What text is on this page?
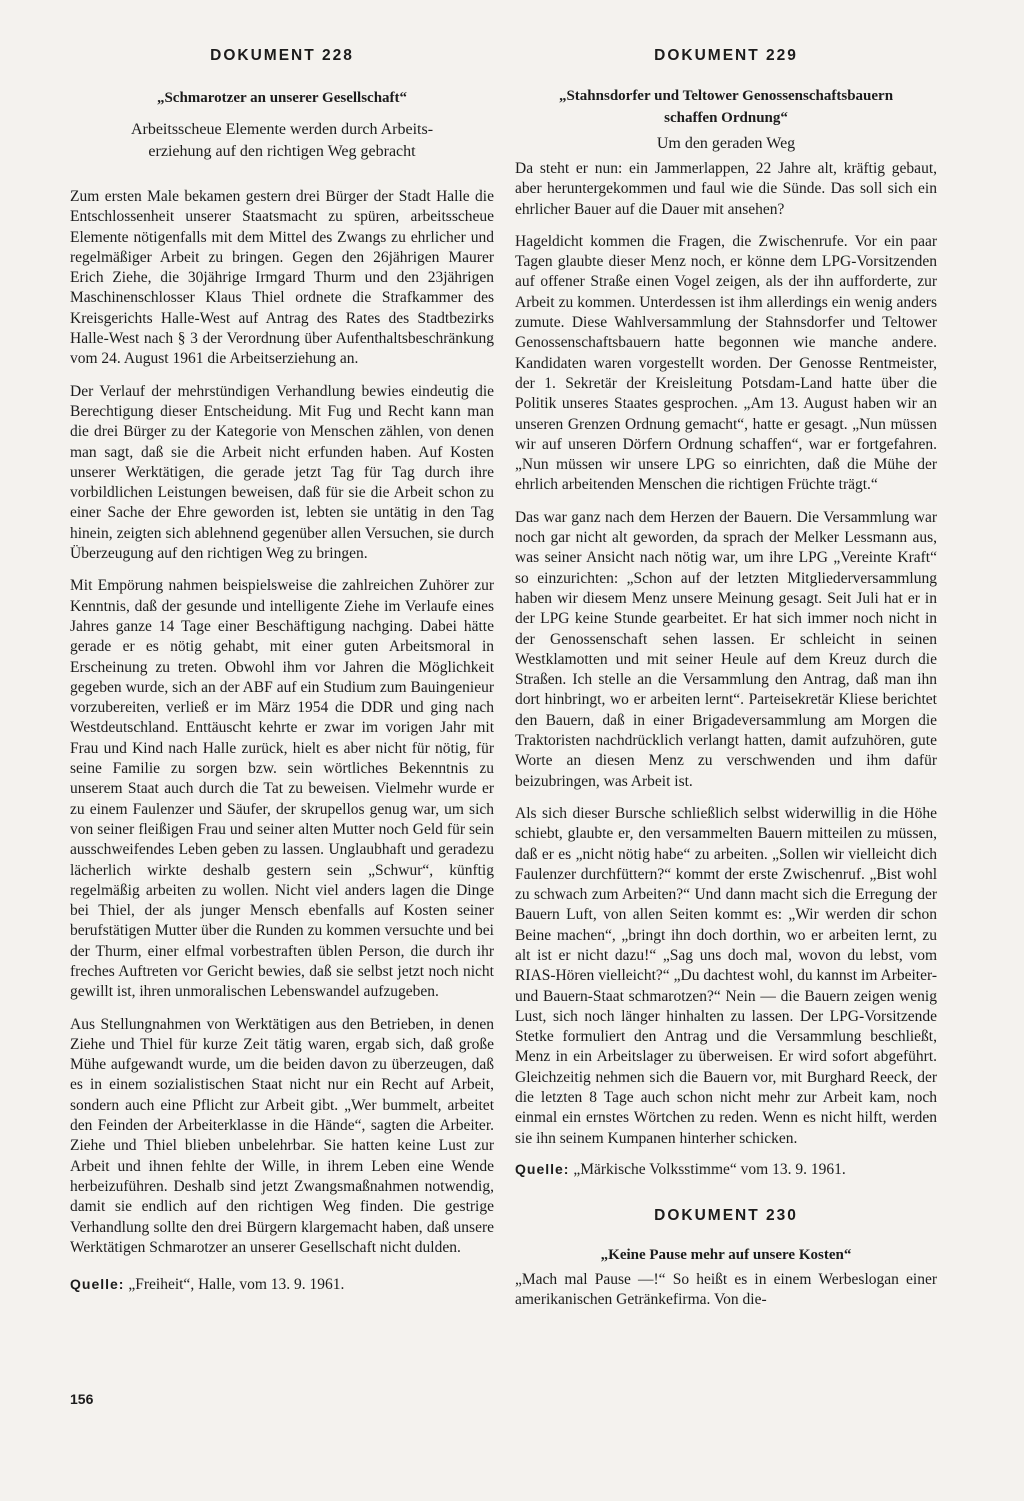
DOKUMENT 228
„Schmarotzer an unserer Gesellschaft“
Arbeitsscheue Elemente werden durch Arbeits-
erziehung auf den richtigen Weg gebracht

Zum ersten Male bekamen gestern drei Bürger der Stadt Halle die Entschlossenheit unserer Staatsmacht zu spüren, arbeitsscheue Elemente nötigenfalls mit dem Mittel des Zwangs zu ehrlicher und regelmäßiger Arbeit zu bringen. Gegen den 26jährigen Maurer Erich Ziehe, die 30jährige Irmgard Thurm und den 23jährigen Maschinenschlosser Klaus Thiel ordnete die Strafkammer des Kreisgerichts Halle-West auf Antrag des Rates des Stadtbezirks Halle-West nach § 3 der Verordnung über Aufenthaltsbeschränkung vom 24. August 1961 die Arbeitserziehung an.

Der Verlauf der mehrstündigen Verhandlung bewies eindeutig die Berechtigung dieser Entscheidung. Mit Fug und Recht kann man die drei Bürger zu der Kategorie von Menschen zählen, von denen man sagt, daß sie die Arbeit nicht erfunden haben. Auf Kosten unserer Werktätigen, die gerade jetzt Tag für Tag durch ihre vorbildlichen Leistungen beweisen, daß für sie die Arbeit schon zu einer Sache der Ehre geworden ist, lebten sie untätig in den Tag hinein, zeigten sich ablehnend gegenüber allen Versuchen, sie durch Überzeugung auf den richtigen Weg zu bringen.

Mit Empörung nahmen beispielsweise die zahlreichen Zuhörer zur Kenntnis, daß der gesunde und intelligente Ziehe im Verlaufe eines Jahres ganze 14 Tage einer Beschäftigung nachging. Dabei hätte gerade er es nötig gehabt, mit einer guten Arbeitsmoral in Erscheinung zu treten. Obwohl ihm vor Jahren die Möglichkeit gegeben wurde, sich an der ABF auf ein Studium zum Bauingenieur vorzubereiten, verließ er im März 1954 die DDR und ging nach Westdeutschland. Enttäuscht kehrte er zwar im vorigen Jahr mit Frau und Kind nach Halle zurück, hielt es aber nicht für nötig, für seine Familie zu sorgen bzw. sein wörtliches Bekenntnis zu unserem Staat auch durch die Tat zu beweisen. Vielmehr wurde er zu einem Faulenzer und Säufer, der skrupellos genug war, um sich von seiner fleißigen Frau und seiner alten Mutter noch Geld für sein ausschweifendes Leben geben zu lassen. Unglaubhaft und geradezu lächerlich wirkte deshalb gestern sein „Schwur“, künftig regelmäßig arbeiten zu wollen. Nicht viel anders lagen die Dinge bei Thiel, der als junger Mensch ebenfalls auf Kosten seiner berufstätigen Mutter über die Runden zu kommen versuchte und bei der Thurm, einer elfmal vorbestraften üblen Person, die durch ihr freches Auftreten vor Gericht bewies, daß sie selbst jetzt noch nicht gewillt ist, ihren unmoralischen Lebenswandel aufzugeben.

Aus Stellungnahmen von Werktätigen aus den Betrieben, in denen Ziehe und Thiel für kurze Zeit tätig waren, ergab sich, daß große Mühe aufgewandt wurde, um die beiden davon zu überzeugen, daß es in einem sozialistischen Staat nicht nur ein Recht auf Arbeit, sondern auch eine Pflicht zur Arbeit gibt. „Wer bummelt, arbeitet den Feinden der Arbeiterklasse in die Hände“, sagten die Arbeiter. Ziehe und Thiel blieben unbelehrbar. Sie hatten keine Lust zur Arbeit und ihnen fehlte der Wille, in ihrem Leben eine Wende herbeizuführen. Deshalb sind jetzt Zwangsmaßnahmen notwendig, damit sie endlich auf den richtigen Weg finden. Die gestrige Verhandlung sollte den drei Bürgern klargemacht haben, daß unsere Werktätigen Schmarotzer an unserer Gesellschaft nicht dulden.

Quelle: „Freiheit“, Halle, vom 13. 9. 1961.

DOKUMENT 229
„Stahnsdorfer und Teltower Genossenschaftsbauern
schaffen Ordnung“
Um den geraden Weg

Da steht er nun: ein Jammerlappen, 22 Jahre alt, kräftig gebaut, aber heruntergekommen und faul wie die Sünde. Das soll sich ein ehrlicher Bauer auf die Dauer mit ansehen?

Hageldicht kommen die Fragen, die Zwischenrufe. Vor ein paar Tagen glaubte dieser Menz noch, er könne dem LPG-Vorsitzenden auf offener Straße einen Vogel zeigen, als der ihn aufforderte, zur Arbeit zu kommen. Unterdessen ist ihm allerdings ein wenig anders zumute. Diese Wahlversammlung der Stahnsdorfer und Teltower Genossenschaftsbauern hatte begonnen wie manche andere. Kandidaten waren vorgestellt worden. Der Genosse Rentmeister, der 1. Sekretär der Kreisleitung Potsdam-Land hatte über die Politik unseres Staates gesprochen. „Am 13. August haben wir an unseren Grenzen Ordnung gemacht“, hatte er gesagt. „Nun müssen wir auf unseren Dörfern Ordnung schaffen“, war er fortgefahren. „Nun müssen wir unsere LPG so einrichten, daß die Mühe der ehrlich arbeitenden Menschen die richtigen Früchte trägt.“

Das war ganz nach dem Herzen der Bauern. Die Versammlung war noch gar nicht alt geworden, da sprach der Melker Lessmann aus, was seiner Ansicht nach nötig war, um ihre LPG „Vereinte Kraft“ so einzurichten: „Schon auf der letzten Mitgliederversammlung haben wir diesem Menz unsere Meinung gesagt. Seit Juli hat er in der LPG keine Stunde gearbeitet. Er hat sich immer noch nicht in der Genossenschaft sehen lassen. Er schleicht in seinen Westklamotten und mit seiner Heule auf dem Kreuz durch die Straßen. Ich stelle an die Versammlung den Antrag, daß man ihn dort hinbringt, wo er arbeiten lernt“. Parteisekretär Kliese berichtet den Bauern, daß in einer Brigadeversammlung am Morgen die Traktoristen nachdrücklich verlangt hatten, damit aufzuhören, gute Worte an diesen Menz zu verschwenden und ihm dafür beizubringen, was Arbeit ist.

Als sich dieser Bursche schließlich selbst widerwillig in die Höhe schiebt, glaubte er, den versammelten Bauern mitteilen zu müssen, daß er es „nicht nötig habe“ zu arbeiten. „Sollen wir vielleicht dich Faulenzer durchfüttern?“ kommt der erste Zwischenruf. „Bist wohl zu schwach zum Arbeiten?“ Und dann macht sich die Erregung der Bauern Luft, von allen Seiten kommt es: „Wir werden dir schon Beine machen“, „bringt ihn doch dorthin, wo er arbeiten lernt, zu alt ist er nicht dazu!“ „Sag uns doch mal, wovon du lebst, vom RIAS-Hören vielleicht?“ „Du dachtest wohl, du kannst im Arbeiter- und Bauern-Staat schmarotzen?“ Nein — die Bauern zeigen wenig Lust, sich noch länger hinhalten zu lassen. Der LPG-Vorsitzende Stetke formuliert den Antrag und die Versammlung beschließt, Menz in ein Arbeitslager zu überweisen. Er wird sofort abgeführt. Gleichzeitig nehmen sich die Bauern vor, mit Burghard Reeck, der die letzten 8 Tage auch schon nicht mehr zur Arbeit kam, noch einmal ein ernstes Wörtchen zu reden. Wenn es nicht hilft, werden sie ihn seinem Kumpanen hinterher schicken.

Quelle: „Märkische Volksstimme“ vom 13. 9. 1961.

DOKUMENT 230
„Keine Pause mehr auf unsere Kosten“

„Mach mal Pause —!“ So heißt es in einem Werbeslogan einer amerikanischen Getränkefirma. Von die-

156
